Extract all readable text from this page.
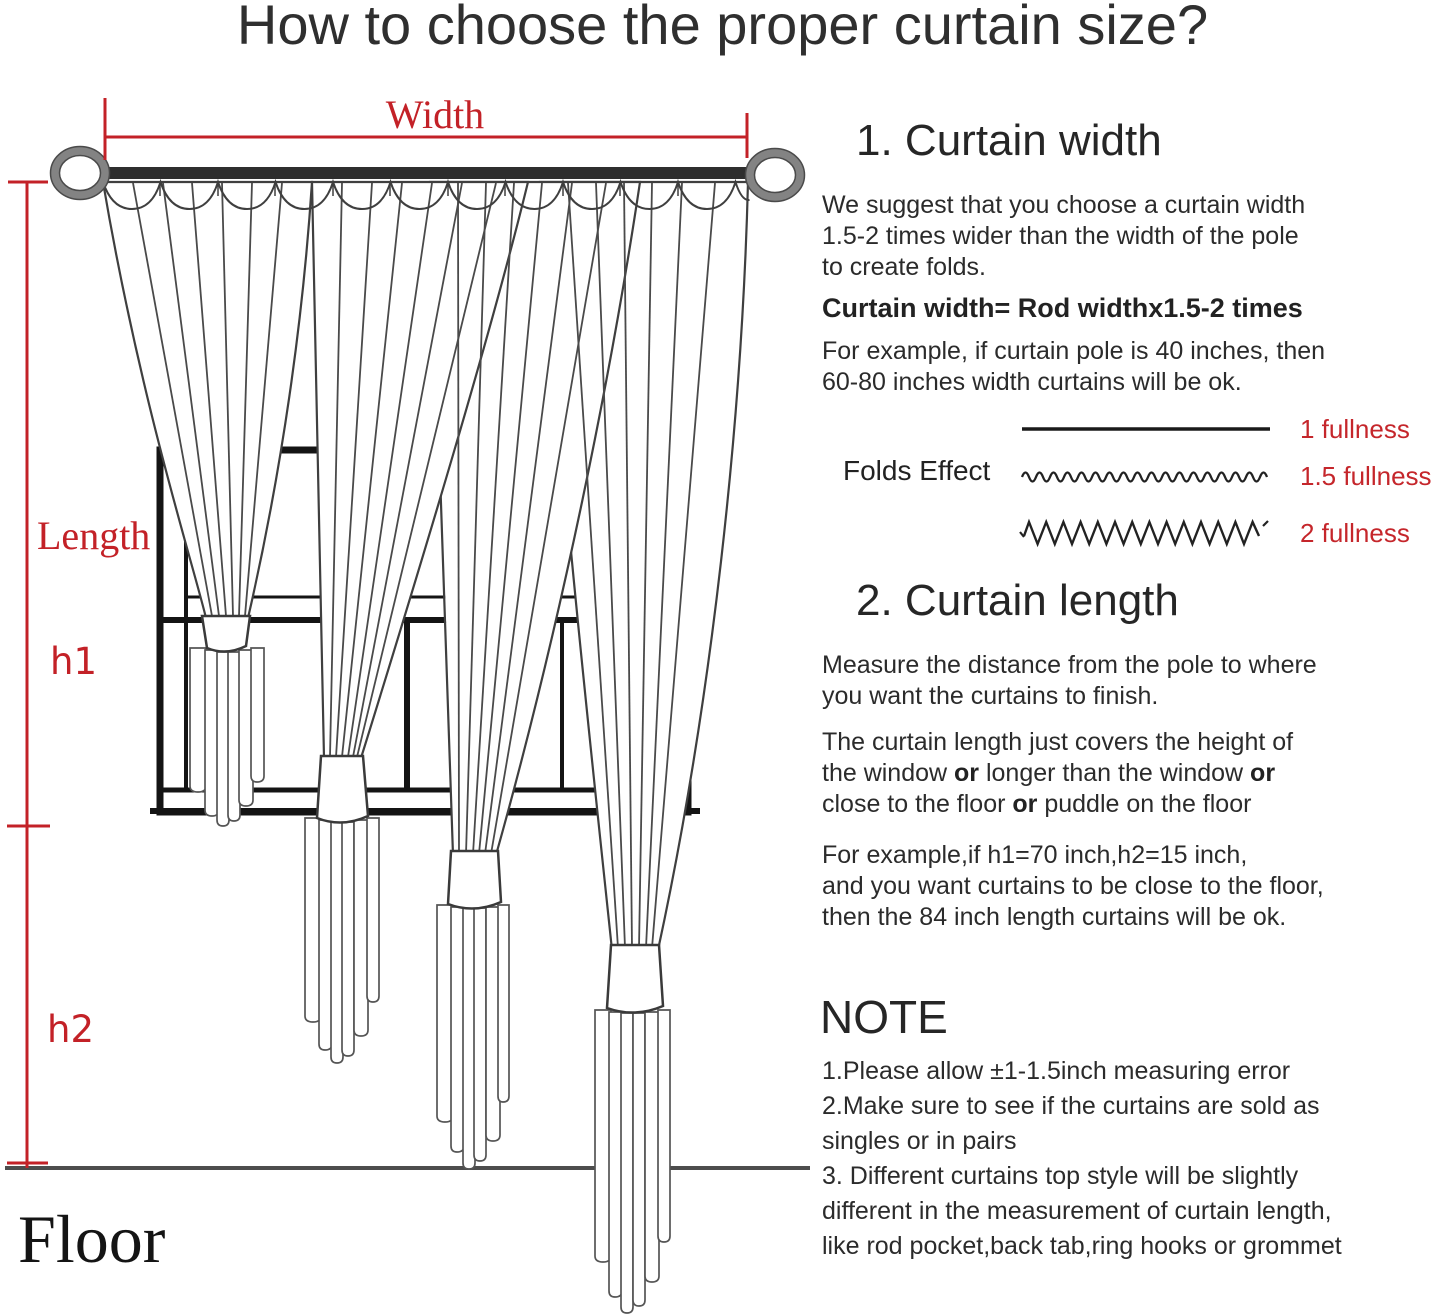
How to choose the proper curtain size?
Width
Length
h1
h2
Floor
1. Curtain width
We suggest that you choose a curtain width
1.5-2 times wider than the width of the pole
to create folds.
Curtain width= Rod widthx1.5-2 times
For example, if curtain pole is 40 inches, then
60-80 inches width curtains will be ok.
Folds Effect
1 fullness
1.5 fullness
2 fullness
2. Curtain length
Measure the distance from the pole to where
you want the curtains to finish.
The curtain length just covers the height of
the window or longer than the window or
close to the floor or puddle on the floor
For example,if h1=70 inch,h2=15 inch,
and you want curtains to be close to the floor,
then the 84 inch length curtains will be ok.
NOTE
1.Please allow ±1-1.5inch measuring error
2.Make sure to see if the curtains are sold as
singles or in pairs
3. Different curtains top style will be slightly
different in the measurement of curtain length,
like rod pocket,back tab,ring hooks or grommet
